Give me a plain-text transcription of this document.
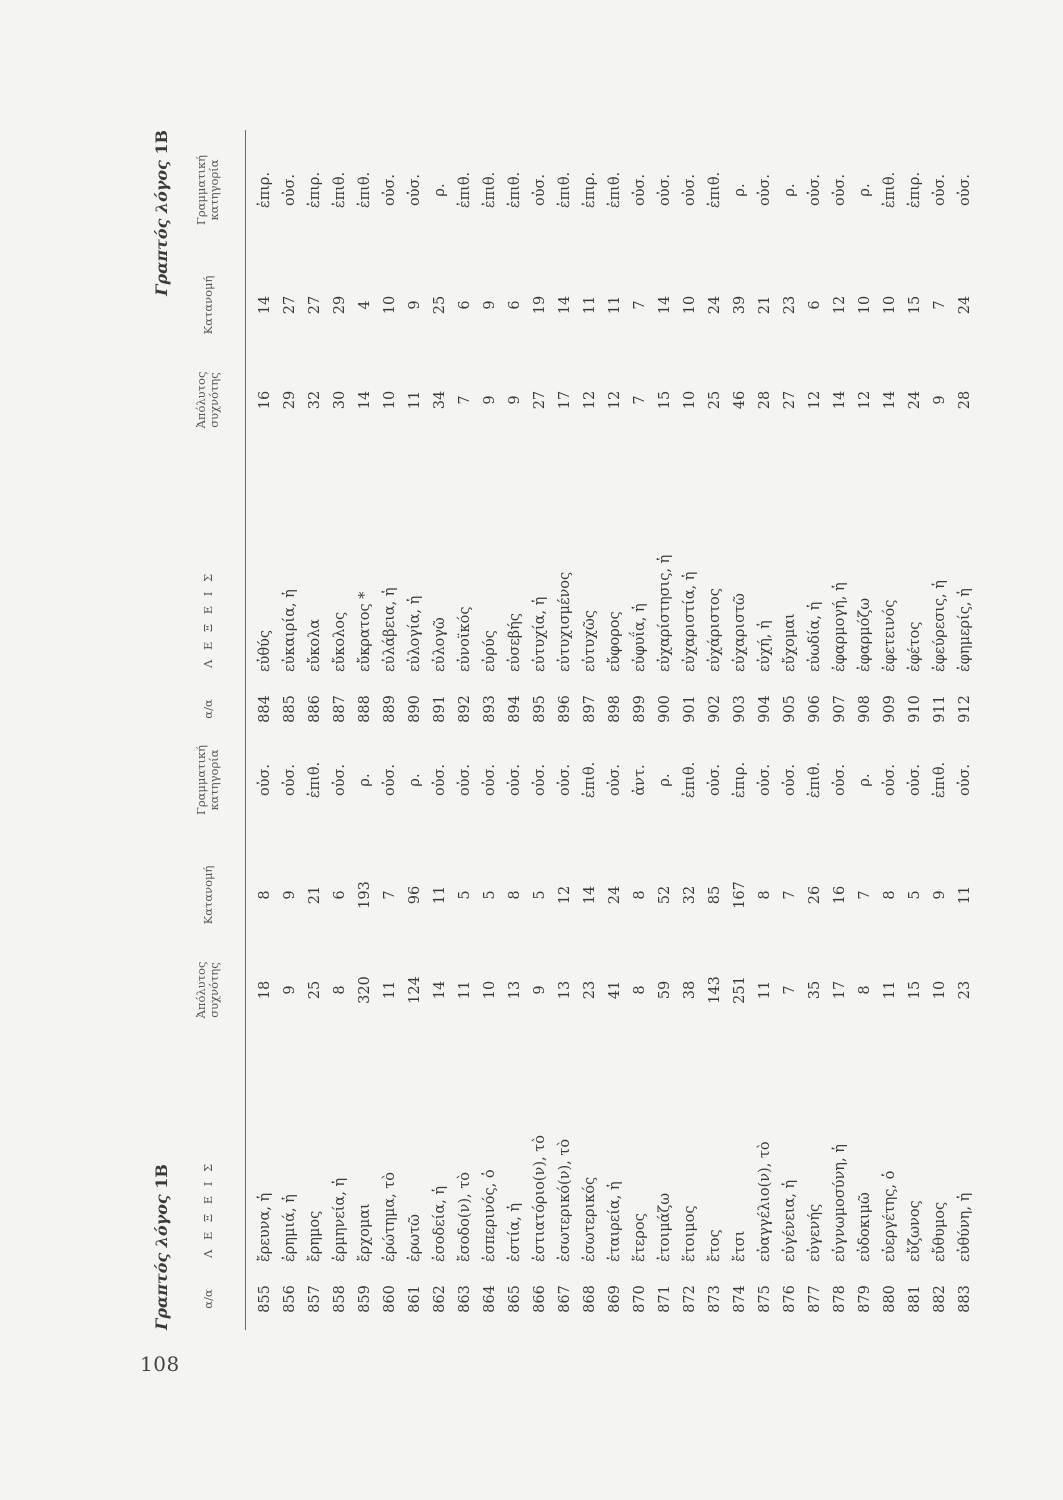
108
Γραπτός λόγος 1Β
α/α
Λ Ε Ξ Ε Ι Σ
Ἀπόλυτος
συχνότης
Κατανομή
Γραμματική
κατηγορία
855
ἔρευνα, ἡ
18
8
οὐσ.
856
ἐρημιά, ἡ
9
9
οὐσ.
857
ἔρημος
25
21
ἐπιθ.
858
ἑρμηνεία, ἡ
8
6
οὐσ.
859
ἔρχομαι
320
193
ρ.
860
ἐρώτημα, τὸ
11
7
οὐσ.
861
ἐρωτῶ
124
96
ρ.
862
ἐσοδεία, ἡ
14
11
οὐσ.
863
ἔσοδο(ν), τὸ
11
5
οὐσ.
864
ἑσπερινός, ὁ
10
5
οὐσ.
865
ἑστία, ἡ
13
8
οὐσ.
866
ἑστιατόριο(ν), τὸ
9
5
οὐσ.
867
ἐσωτερικό(ν), τὸ
13
12
οὐσ.
868
ἐσωτερικός
23
14
ἐπιθ.
869
ἑταιρεία, ἡ
41
24
οὐσ.
870
ἕτερος
8
8
ἀντ.
871
ἑτοιμάζω
59
52
ρ.
872
ἕτοιμος
38
32
ἐπιθ.
873
ἔτος
143
85
οὐσ.
874
ἔτσι
251
167
ἐπιρ.
875
εὐαγγέλιο(ν), τὸ
11
8
οὐσ.
876
εὐγένεια, ἡ
7
7
οὐσ.
877
εὐγενής
35
26
ἐπιθ.
878
εὐγνωμοσύνη, ἡ
17
16
οὐσ.
879
εὐδοκιμῶ
8
7
ρ.
880
εὐεργέτης, ὁ
11
8
οὐσ.
881
εὔζωνος
15
5
οὐσ.
882
εὔθυμος
10
9
ἐπιθ.
883
εὐθύνη, ἡ
23
11
οὐσ.
Γραπτός λόγος 1Β
α/α
Λ Ε Ξ Ε Ι Σ
Ἀπόλυτος
συχνότης
Κατανομή
Γραμματική
κατηγορία
884
εὐθύς
16
14
ἐπιρ.
885
εὐκαιρία, ἡ
29
27
οὐσ.
886
εὔκολα
32
27
ἐπιρ.
887
εὔκολος
30
29
ἐπιθ.
888
εὔκρατος *
14
4
ἐπιθ.
889
εὐλάβεια, ἡ
10
10
οὐσ.
890
εὐλογία, ἡ
11
9
οὐσ.
891
εὐλογῶ
34
25
ρ.
892
εὐνοϊκός
7
6
ἐπιθ.
893
εὐρύς
9
9
ἐπιθ.
894
εὐσεβής
9
6
ἐπιθ.
895
εὐτυχία, ἡ
27
19
οὐσ.
896
εὐτυχισμένος
17
14
ἐπιθ.
897
εὐτυχῶς
12
11
ἐπιρ.
898
εὔφορος
12
11
ἐπιθ.
899
εὐφυΐα, ἡ
7
7
οὐσ.
900
εὐχαρίστησις, ἡ
15
14
οὐσ.
901
εὐχαριστία, ἡ
10
10
οὐσ.
902
εὐχάριστος
25
24
ἐπιθ.
903
εὐχαριστῶ
46
39
ρ.
904
εὐχή, ἡ
28
21
οὐσ.
905
εὔχομαι
27
23
ρ.
906
εὐωδία, ἡ
12
6
οὐσ.
907
ἐφαρμογή, ἡ
14
12
οὐσ.
908
ἐφαρμόζω
12
10
ρ.
909
ἐφετεινός
14
10
ἐπιθ.
910
ἐφέτος
24
15
ἐπιρ.
911
ἐφεύρεσις, ἡ
9
7
οὐσ.
912
ἐφημερίς, ἡ
28
24
οὐσ.
